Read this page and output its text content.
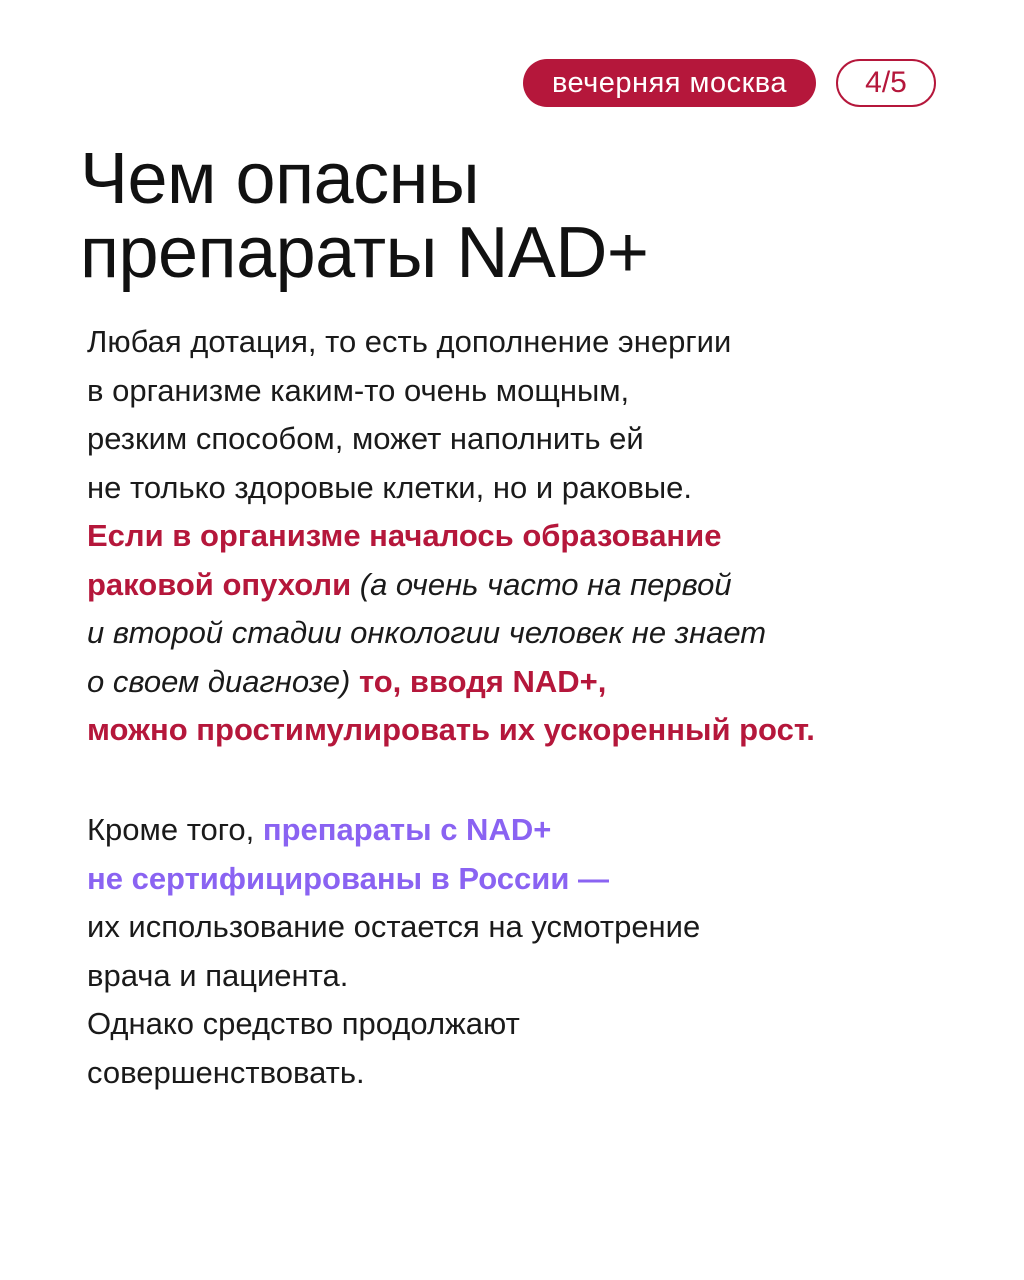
вечерняя москва	4/5
Чем опасны
препараты NAD+
Любая дотация, то есть дополнение энергии
в организме каким-то очень мощным,
резким способом, может наполнить ей
не только здоровые клетки, но и раковые.
Если в организме началось образование
раковой опухоли (а очень часто на первой
и второй стадии онкологии человек не знает
о своем диагнозе) то, вводя NAD+,
можно простимулировать их ускоренный рост.
Кроме того, препараты с NAD+
не сертифицированы в России —
их использование остается на усмотрение
врача и пациента.
Однако средство продолжают
совершенствовать.
